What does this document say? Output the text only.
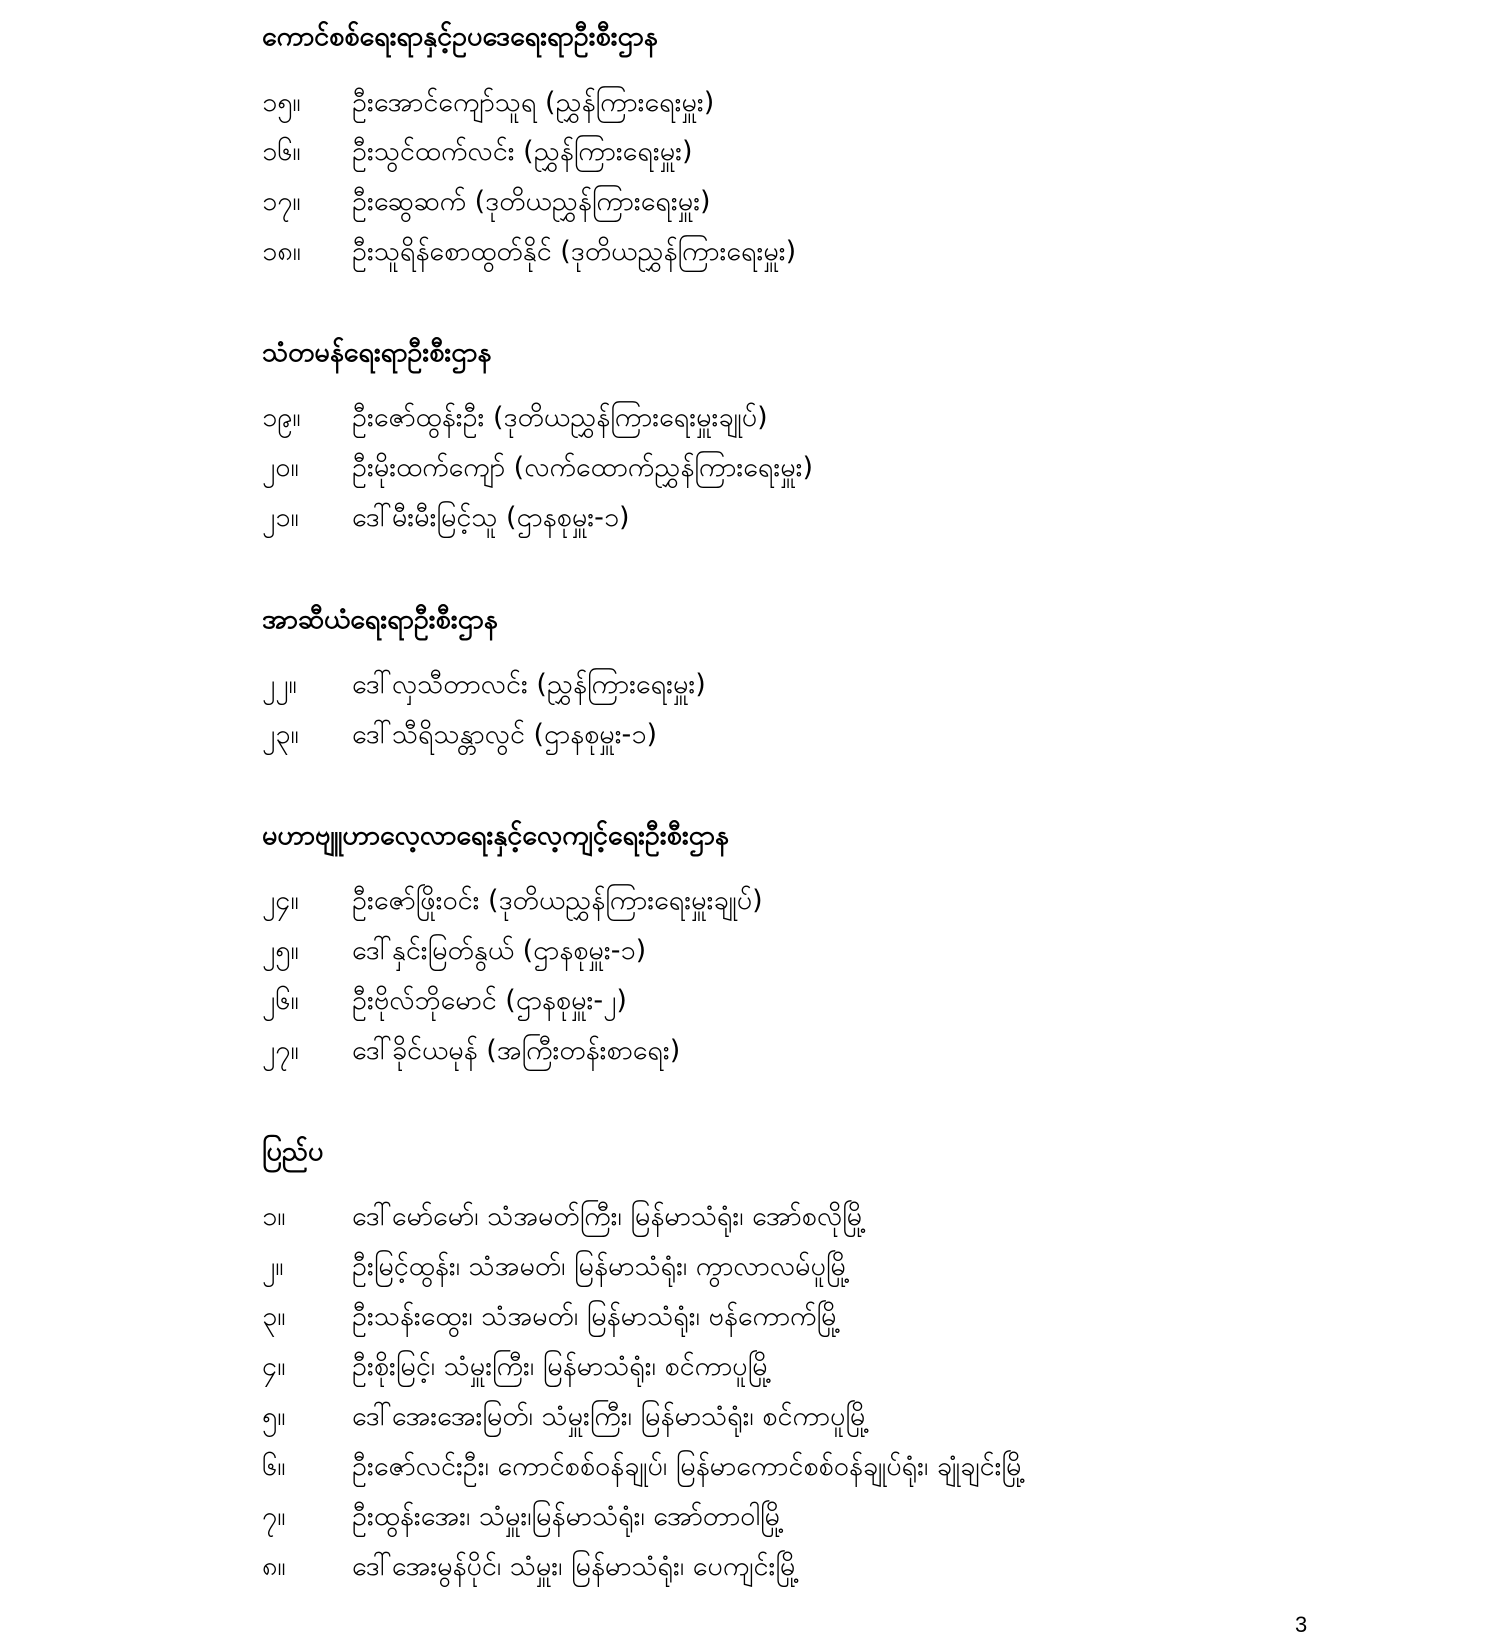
ကောင်စစ်ရေးရာနှင့်ဥပဒေရေးရာဦးစီးဌာန
၁၅။	ဦးအောင်ကျော်သူရ (ညွှန်ကြားရေးမှူး)
၁၆။	ဦးသွင်ထက်လင်း (ညွှန်ကြားရေးမှူး)
၁၇။	ဦးဆွေဆက် (ဒုတိယညွှန်ကြားရေးမှူး)
၁၈။	ဦးသူရိန်စောထွတ်နိုင် (ဒုတိယညွှန်ကြားရေးမှူး)
သံတမန်ရေးရာဦးစီးဌာန
၁၉။	ဦးဇော်ထွန်းဦး (ဒုတိယညွှန်ကြားရေးမှူးချုပ်)
၂၀။	ဦးမိုးထက်ကျော် (လက်ထောက်ညွှန်ကြားရေးမှူး)
၂၁။	ဒေါ်မီးမီးမြင့်သူ (ဌာနစုမှူး-၁)
အာဆီယံရေးရာဦးစီးဌာန
၂၂။	ဒေါ်လှသီတာလင်း (ညွှန်ကြားရေးမှူး)
၂၃။	ဒေါ်သီရိသန္တာလွင် (ဌာနစုမှူး-၁)
မဟာဗျူဟာလေ့လာရေးနှင့်လေ့ကျင့်ရေးဦးစီးဌာန
၂၄။	ဦးဇော်ဖြိုးဝင်း (ဒုတိယညွှန်ကြားရေးမှူးချုပ်)
၂၅။	ဒေါ်နှင်းမြတ်နွယ် (ဌာနစုမှူး-၁)
၂၆။	ဦးဗိုလ်ဘိုမောင် (ဌာနစုမှူး-၂)
၂၇။	ဒေါ်ခိုင်ယမုန် (အကြီးတန်းစာရေး)
ပြည်ပ
၁။	ဒေါ်မော်မော်၊ သံအမတ်ကြီး၊ မြန်မာသံရုံး၊ အော်စလိုမြို့
၂။	ဦးမြင့်ထွန်း၊ သံအမတ်၊ မြန်မာသံရုံး၊ ကွာလာလမ်ပူမြို့
၃။	ဦးသန်းထွေး၊ သံအမတ်၊ မြန်မာသံရုံး၊ ဗန်ကောက်မြို့
၄။	ဦးစိုးမြင့်၊ သံမှူးကြီး၊ မြန်မာသံရုံး၊ စင်ကာပူမြို့
၅။	ဒေါ်အေးအေးမြတ်၊ သံမှူးကြီး၊ မြန်မာသံရုံး၊ စင်ကာပူမြို့
၆။	ဦးဇော်လင်းဦး၊ ကောင်စစ်ဝန်ချုပ်၊ မြန်မာကောင်စစ်ဝန်ချုပ်ရုံး၊ ချုံချင်းမြို့
၇။	ဦးထွန်းအေး၊ သံမှူး၊မြန်မာသံရုံး၊ အော်တာဝါမြို့
၈။	ဒေါ်အေးမွန်ပိုင်၊ သံမှူး၊ မြန်မာသံရုံး၊ ပေကျင်းမြို့
3
